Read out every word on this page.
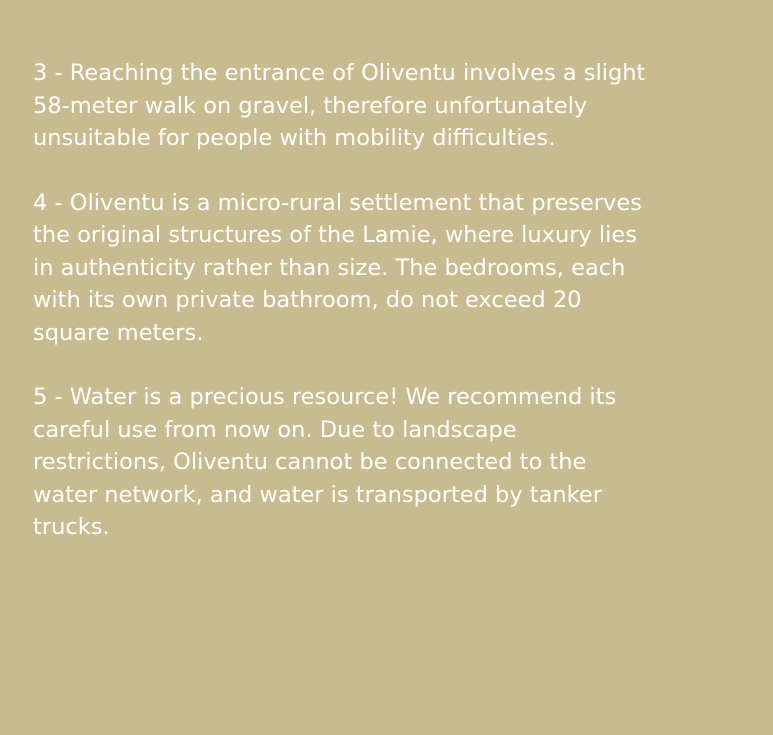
3 - Reaching the entrance of Oliventu involves a slight
58-meter walk on gravel, therefore unfortunately
unsuitable for people with mobility difficulties.

4 - Oliventu is a micro-rural settlement that preserves
the original structures of the Lamie, where luxury lies
in authenticity rather than size. The bedrooms, each
with its own private bathroom, do not exceed 20
square meters.

5 - Water is a precious resource! We recommend its
careful use from now on. Due to landscape
restrictions, Oliventu cannot be connected to the
water network, and water is transported by tanker
trucks.
